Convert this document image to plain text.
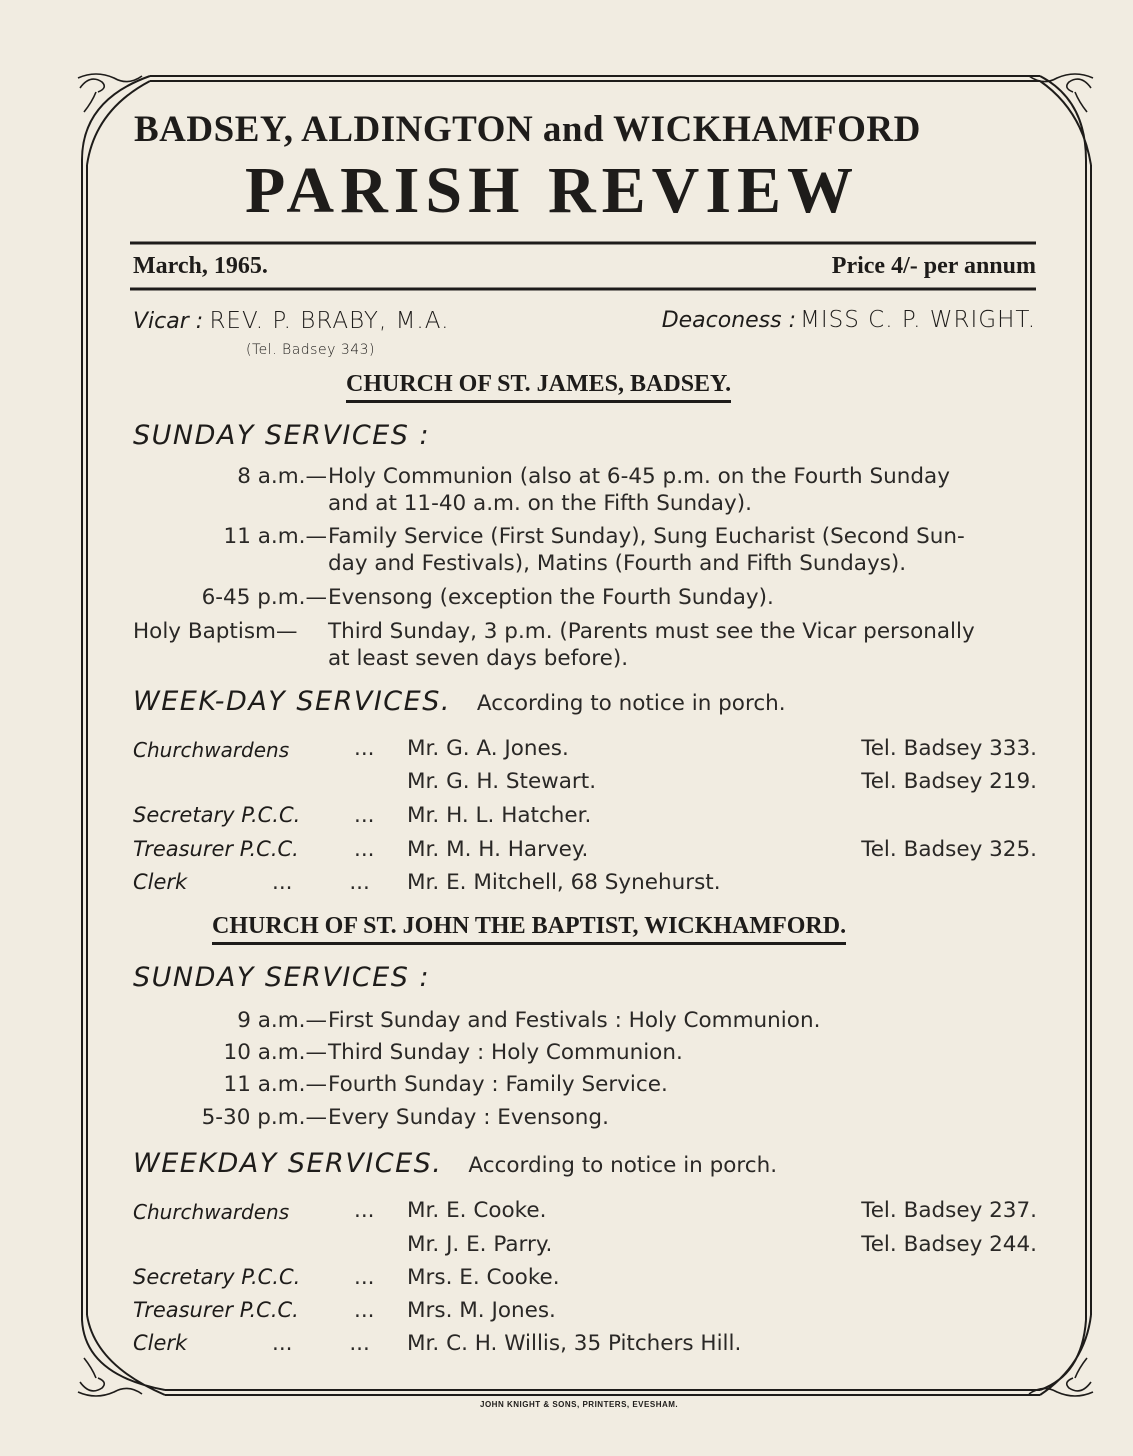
BADSEY, ALDINGTON and WICKHAMFORD
PARISH REVIEW
March, 1965.	Price 4/- per annum
Vicar : REV. P. BRABY, M.A.
(Tel. Badsey 343)
Deaconess : MISS C. P. WRIGHT.
CHURCH OF ST. JAMES, BADSEY.
SUNDAY SERVICES :
8 a.m.— Holy Communion (also at 6-45 p.m. on the Fourth Sunday
and at 11-40 a.m. on the Fifth Sunday).
11 a.m.— Family Service (First Sunday), Sung Eucharist (Second Sun-
day and Festivals), Matins (Fourth and Fifth Sundays).
6-45 p.m.— Evensong (exception the Fourth Sunday).
Holy Baptism— Third Sunday, 3 p.m. (Parents must see the Vicar personally
at least seven days before).
WEEK-DAY SERVICES. According to notice in porch.
Churchwardens	... Mr. G. A. Jones.	Tel. Badsey 333.
Mr. G. H. Stewart.	Tel. Badsey 219.
Secretary P.C.C. ... Mr. H. L. Hatcher.
Treasurer P.C.C.	... Mr. M. H. Harvey.	Tel. Badsey 325.
Clerk	... ... Mr. E. Mitchell, 68 Synehurst.
CHURCH OF ST. JOHN THE BAPTIST, WICKHAMFORD.
SUNDAY SERVICES :
9 a.m.— First Sunday and Festivals : Holy Communion.
10 a.m.— Third Sunday : Holy Communion.
11 a.m.— Fourth Sunday : Family Service.
5-30 p.m.— Every Sunday : Evensong.
WEEKDAY SERVICES. According to notice in porch.
Churchwardens	... Mr. E. Cooke.	Tel. Badsey 237.
Mr. J. E. Parry.	Tel. Badsey 244.
Secretary P.C.C. ... Mrs. E. Cooke.
Treasurer P.C.C.	... Mrs. M. Jones.
Clerk	... ... Mr. C. H. Willis, 35 Pitchers Hill.
JOHN KNIGHT & SONS, PRINTERS, EVESHAM.
